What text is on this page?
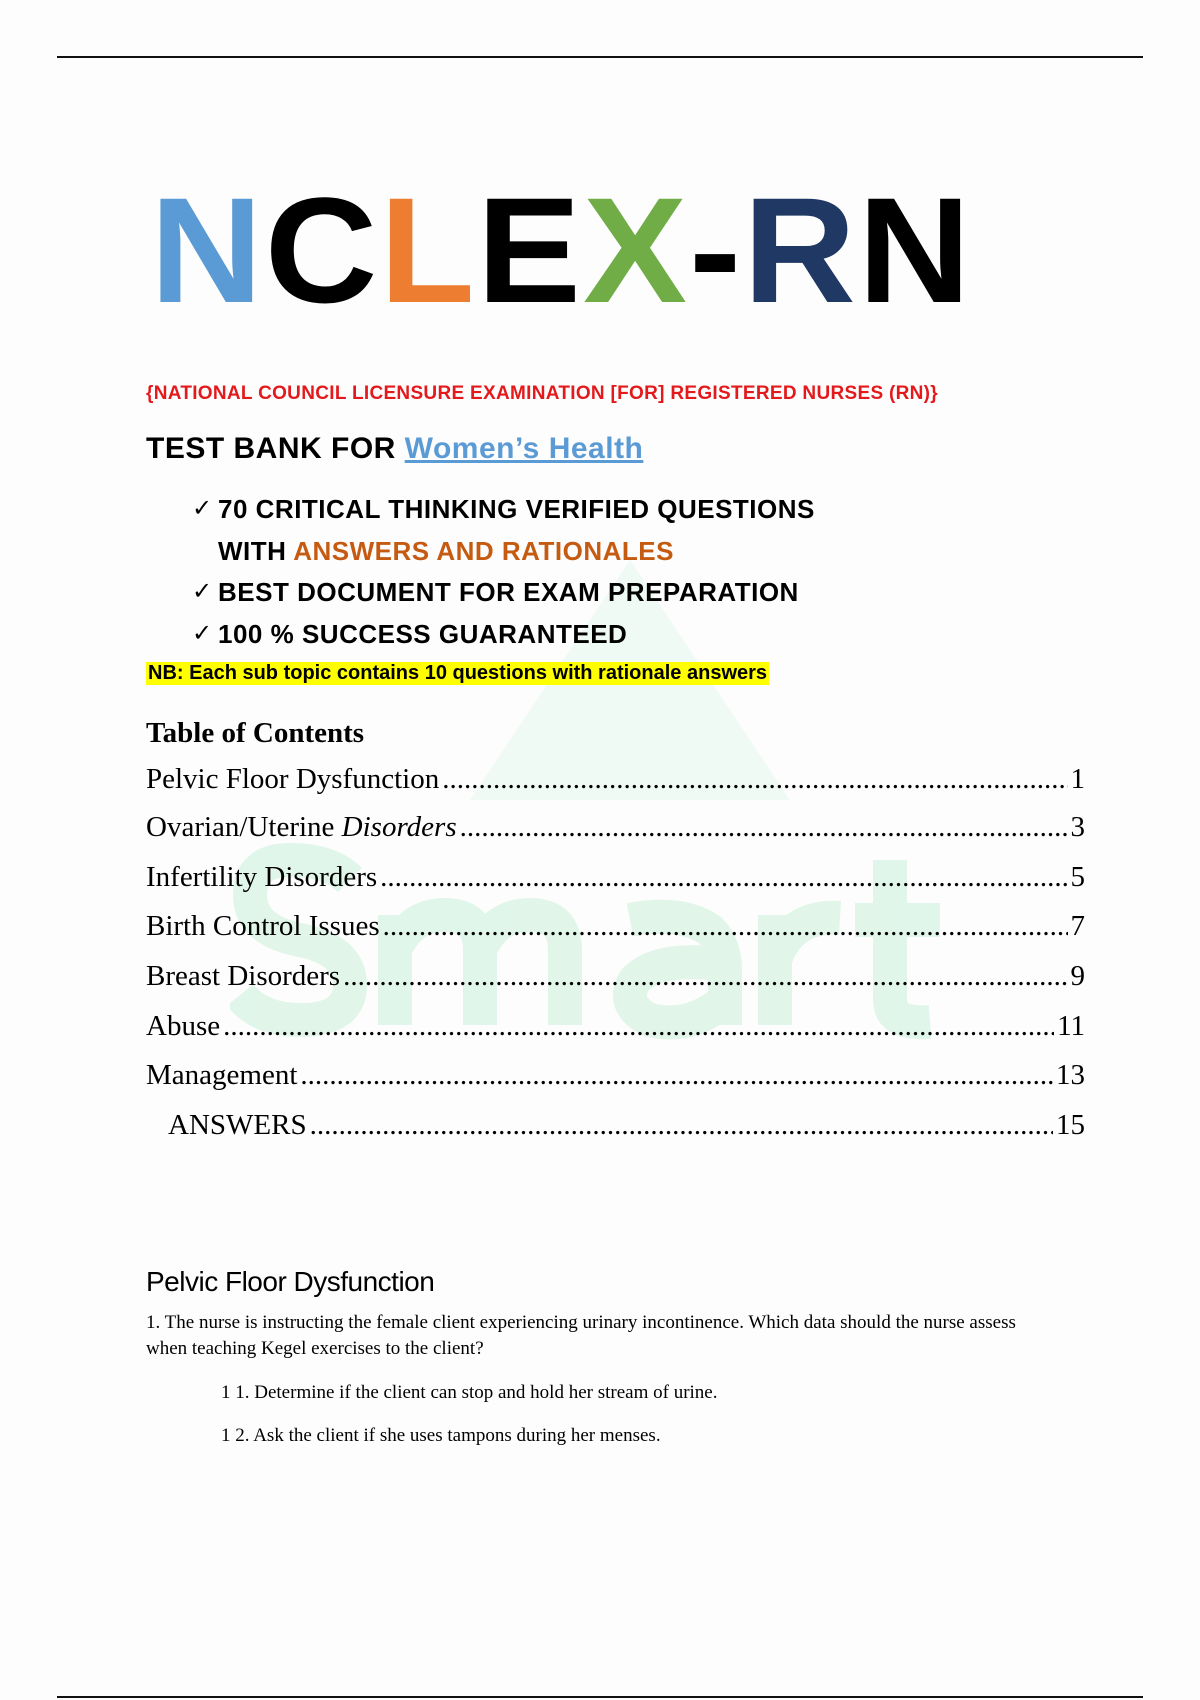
NCLEX-RN
{NATIONAL COUNCIL LICENSURE EXAMINATION [FOR] REGISTERED NURSES (RN)}
TEST BANK FOR Women’s Health
✓ 70 CRITICAL THINKING VERIFIED QUESTIONS
WITH ANSWERS AND RATIONALES
✓ BEST DOCUMENT FOR EXAM PREPARATION
✓ 100 % SUCCESS GUARANTEED
NB: Each sub topic contains 10 questions with rationale answers
Table of Contents
Pelvic Floor Dysfunction .....	1
Ovarian/Uterine Disorders .....	3
Infertility Disorders .....	5
Birth Control Issues .....	7
Breast Disorders .....	9
Abuse .....	11
Management .....	13
ANSWERS .....	15
Pelvic Floor Dysfunction
1. The nurse is instructing the female client experiencing urinary incontinence. Which data should the nurse assess when teaching Kegel exercises to the client?
1 1. Determine if the client can stop and hold her stream of urine.
1 2. Ask the client if she uses tampons during her menses.
